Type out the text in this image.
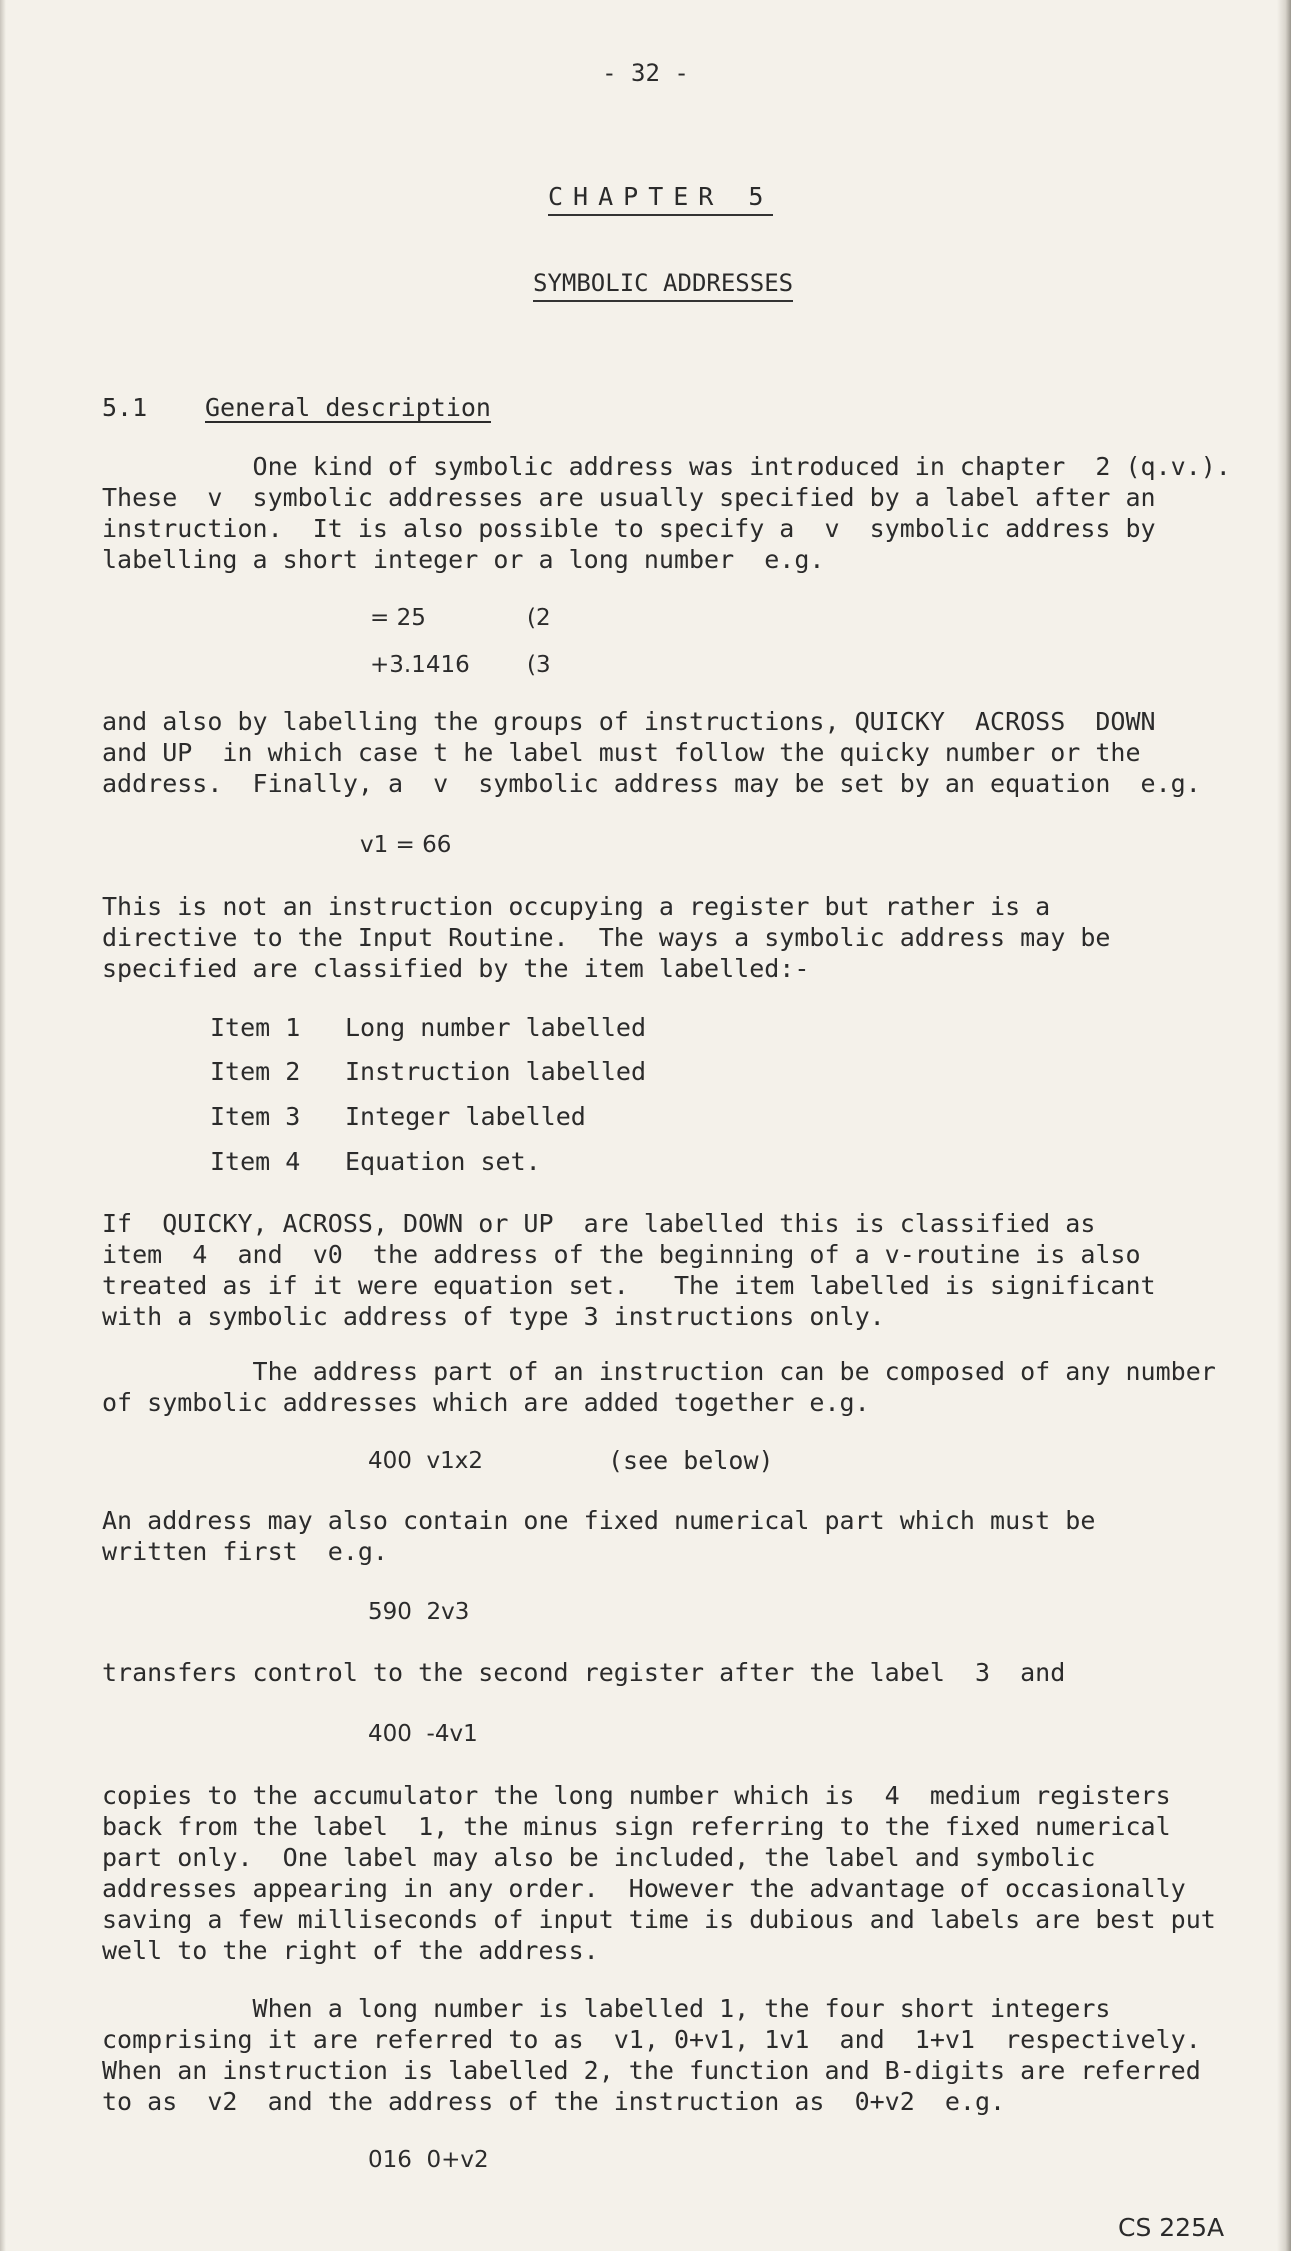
- 32 -
CHAPTER 5
SYMBOLIC ADDRESSES
5.1 General description
One kind of symbolic address was introduced in chapter  2 (q.v.).
These  v  symbolic addresses are usually specified by a label after an
instruction.  It is also possible to specify a  v  symbolic address by
labelling a short integer or a long number  e.g.
= 25	(2
+3.1416 (3
and also by labelling the groups of instructions, QUICKY  ACROSS  DOWN
and UP  in which case t he label must follow the quicky number or the
address.  Finally, a  v  symbolic address may be set by an equation  e.g.
v1 = 66
This is not an instruction occupying a register but rather is a
directive to the Input Routine.  The ways a symbolic address may be
specified are classified by the item labelled:-
Item 1 Long number labelled
Item 2 Instruction labelled
Item 3 Integer labelled
Item 4 Equation set.
If  QUICKY, ACROSS, DOWN or UP  are labelled this is classified as
item  4  and  v0  the address of the beginning of a v-routine is also
treated as if it were equation set.   The item labelled is significant
with a symbolic address of type 3 instructions only.
The address part of an instruction can be composed of any number
of symbolic addresses which are added together e.g.
400  v1x2	(see below)
An address may also contain one fixed numerical part which must be
written first  e.g.
590  2v3
transfers control to the second register after the label  3  and
400  -4v1
copies to the accumulator the long number which is  4  medium registers
back from the label  1, the minus sign referring to the fixed numerical
part only.  One label may also be included, the label and symbolic
addresses appearing in any order.  However the advantage of occasionally
saving a few milliseconds of input time is dubious and labels are best put
well to the right of the address.
When a long number is labelled 1, the four short integers
comprising it are referred to as  v1, 0+v1, 1v1  and  1+v1  respectively.
When an instruction is labelled 2, the function and B-digits are referred
to as  v2  and the address of the instruction as  0+v2  e.g.
016  0+v2
CS 225A
